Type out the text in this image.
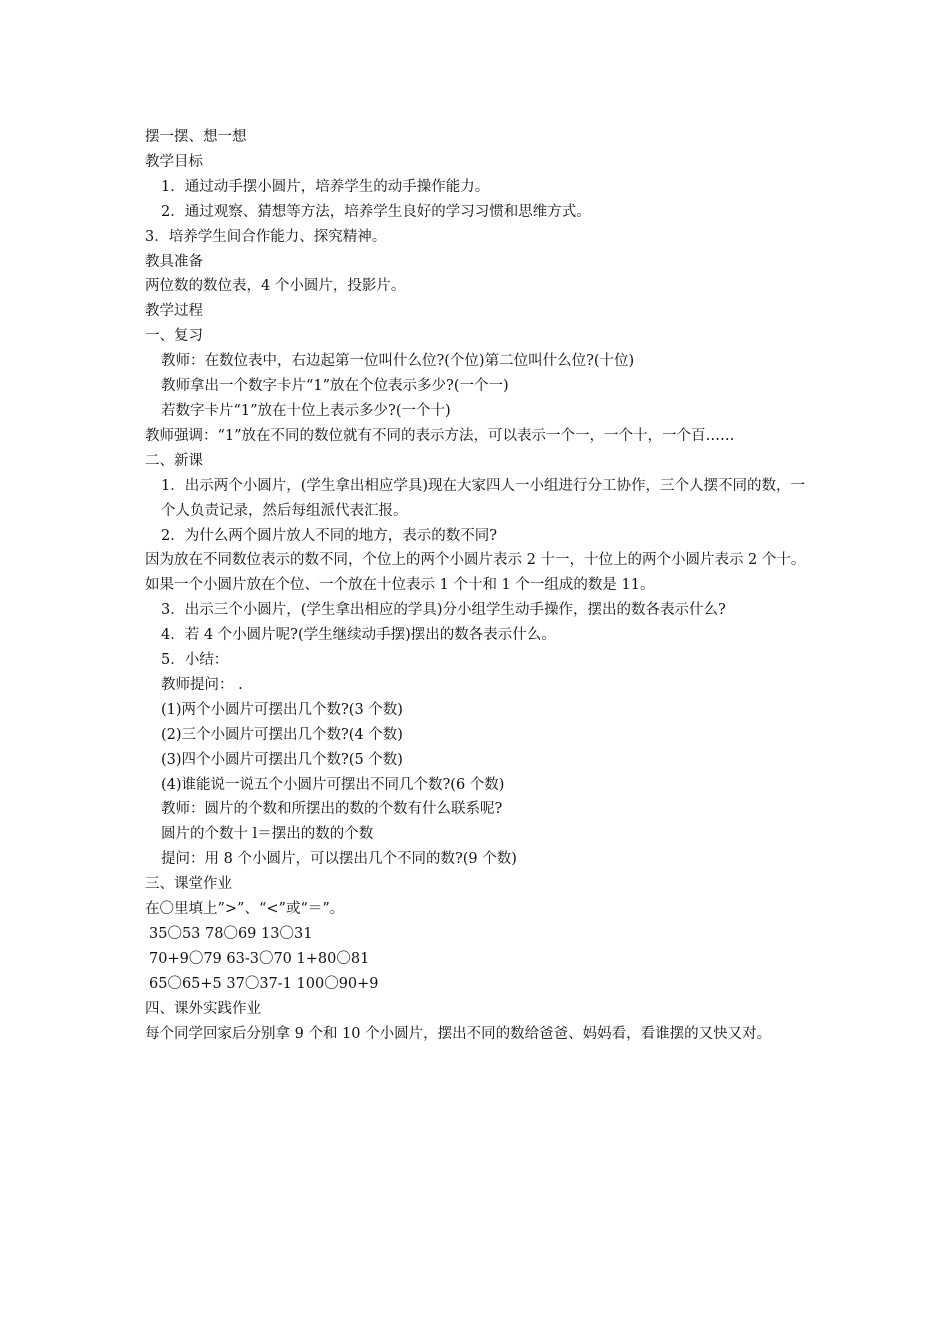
摆一摆、想一想
教学目标
1．通过动手摆小圆片，培养学生的动手操作能力。
2．通过观察、猜想等方法，培养学生良好的学习习惯和思维方式。
3．培养学生间合作能力、探究精神。
教具准备
两位数的数位表，4 个小圆片，投影片。
教学过程
一、复习
教师：在数位表中，右边起第一位叫什么位?(个位)第二位叫什么位?(十位)
教师拿出一个数字卡片“1”放在个位表示多少?(一个一)
若数字卡片“1”放在十位上表示多少?(一个十)
教师强调：“1”放在不同的数位就有不同的表示方法，可以表示一个一，一个十，一个百……
二、新课
1．出示两个小圆片，(学生拿出相应学具)现在大家四人一小组进行分工协作，三个人摆不同的数，一个人负责记录，然后每组派代表汇报。
2．为什么两个圆片放人不同的地方，表示的数不同?
因为放在不同数位表示的数不同，个位上的两个小圆片表示 2 十一，十位上的两个小圆片表示 2 个十。如果一个小圆片放在个位、一个放在十位表示 1 个十和 1 个一组成的数是 11。
3．出示三个小圆片，(学生拿出相应的学具)分小组学生动手操作，摆出的数各表示什么?
4．若 4 个小圆片呢?(学生继续动手摆)摆出的数各表示什么。
5．小结：
教师提问： .
(1)两个小圆片可摆出几个数?(3 个数)
(2)三个小圆片可摆出几个数?(4 个数)
(3)四个小圆片可摆出几个数?(5 个数)
(4)谁能说一说五个小圆片可摆出不同几个数?(6 个数)
教师：圆片的个数和所摆出的数的个数有什么联系呢?
圆片的个数十 l＝摆出的数的个数
提问：用 8 个小圆片，可以摆出几个不同的数?(9 个数)
三、课堂作业
在〇里填上”>”、“<”或“＝”。
35〇53 78〇69 13〇31
70+9〇79 63-3〇70 1+80〇81
65〇65+5 37〇37-1 100〇90+9
四、课外实践作业
每个同学回家后分别拿 9 个和 10 个小圆片，摆出不同的数给爸爸、妈妈看，看谁摆的又快又对。
